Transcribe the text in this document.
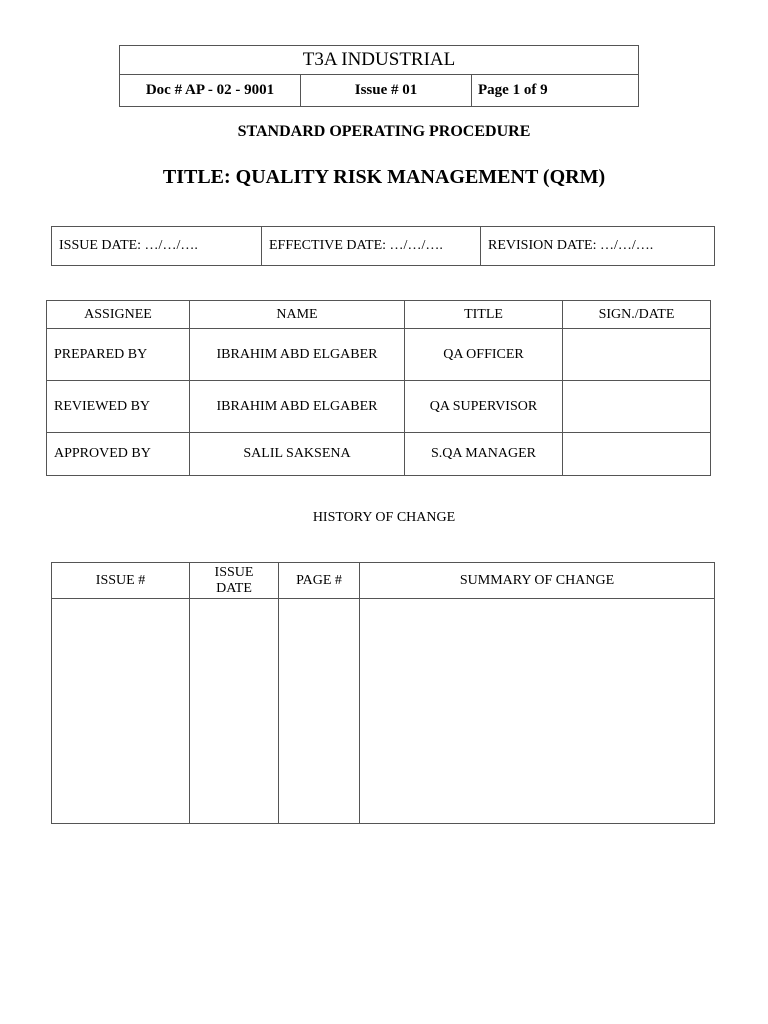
T3A INDUSTRIAL
Doc # AP - 02 - 9001	Issue # 01	Page 1 of 9
STANDARD OPERATING PROCEDURE
TITLE: QUALITY RISK MANAGEMENT (QRM)
ISSUE DATE: …/…/….	EFFECTIVE DATE: …/…/….	REVISION DATE: …/…/….
ASSIGNEE	NAME	TITLE	SIGN./DATE
PREPARED BY	IBRAHIM ABD ELGABER	QA OFFICER	
REVIEWED BY	IBRAHIM ABD ELGABER	QA SUPERVISOR	
APPROVED BY	SALIL SAKSENA	S.QA MANAGER	
HISTORY OF CHANGE
ISSUE #	ISSUE DATE	PAGE #	SUMMARY OF CHANGE
